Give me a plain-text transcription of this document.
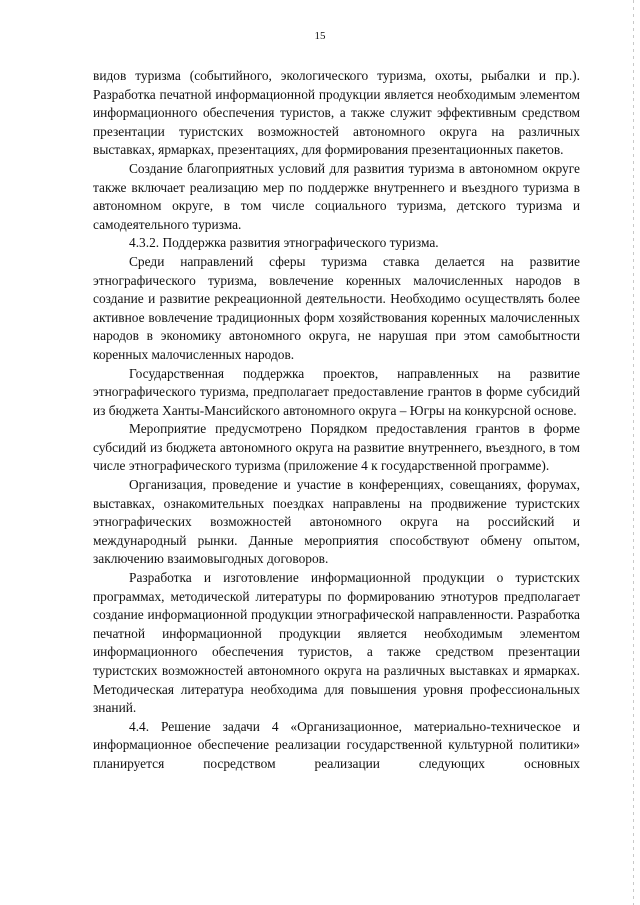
15

видов туризма (событийного, экологического туризма, охоты, рыбалки и пр.). Разработка печатной информационной продукции является необходимым элементом информационного обеспечения туристов, а также служит эффективным средством презентации туристских возможностей автономного округа на различных выставках, ярмарках, презентациях, для формирования презентационных пакетов.

Создание благоприятных условий для развития туризма в автономном округе также включает реализацию мер по поддержке внутреннего и въездного туризма в автономном округе, в том числе социального туризма, детского туризма и самодеятельного туризма.

4.3.2. Поддержка развития этнографического туризма.

Среди направлений сферы туризма ставка делается на развитие этнографического туризма, вовлечение коренных малочисленных народов в создание и развитие рекреационной деятельности. Необходимо осуществлять более активное вовлечение традиционных форм хозяйствования коренных малочисленных народов в экономику автономного округа, не нарушая при этом самобытности коренных малочисленных народов.

Государственная поддержка проектов, направленных на развитие этнографического туризма, предполагает предоставление грантов в форме субсидий из бюджета Ханты-Мансийского автономного округа – Югры на конкурсной основе.

Мероприятие предусмотрено Порядком предоставления грантов в форме субсидий из бюджета автономного округа на развитие внутреннего, въездного, в том числе этнографического туризма (приложение 4 к государственной программе).

Организация, проведение и участие в конференциях, совещаниях, форумах, выставках, ознакомительных поездках направлены на продвижение туристских этнографических возможностей автономного округа на российский и международный рынки. Данные мероприятия способствуют обмену опытом, заключению взаимовыгодных договоров.

Разработка и изготовление информационной продукции о туристских программах, методической литературы по формированию этнотуров предполагает создание информационной продукции этнографической направленности. Разработка печатной информационной продукции является необходимым элементом информационного обеспечения туристов, а также средством презентации туристских возможностей автономного округа на различных выставках и ярмарках. Методическая литература необходима для повышения уровня профессиональных знаний.

4.4. Решение задачи 4 «Организационное, материально-техническое и информационное обеспечение реализации государственной культурной политики» планируется посредством реализации следующих основных
